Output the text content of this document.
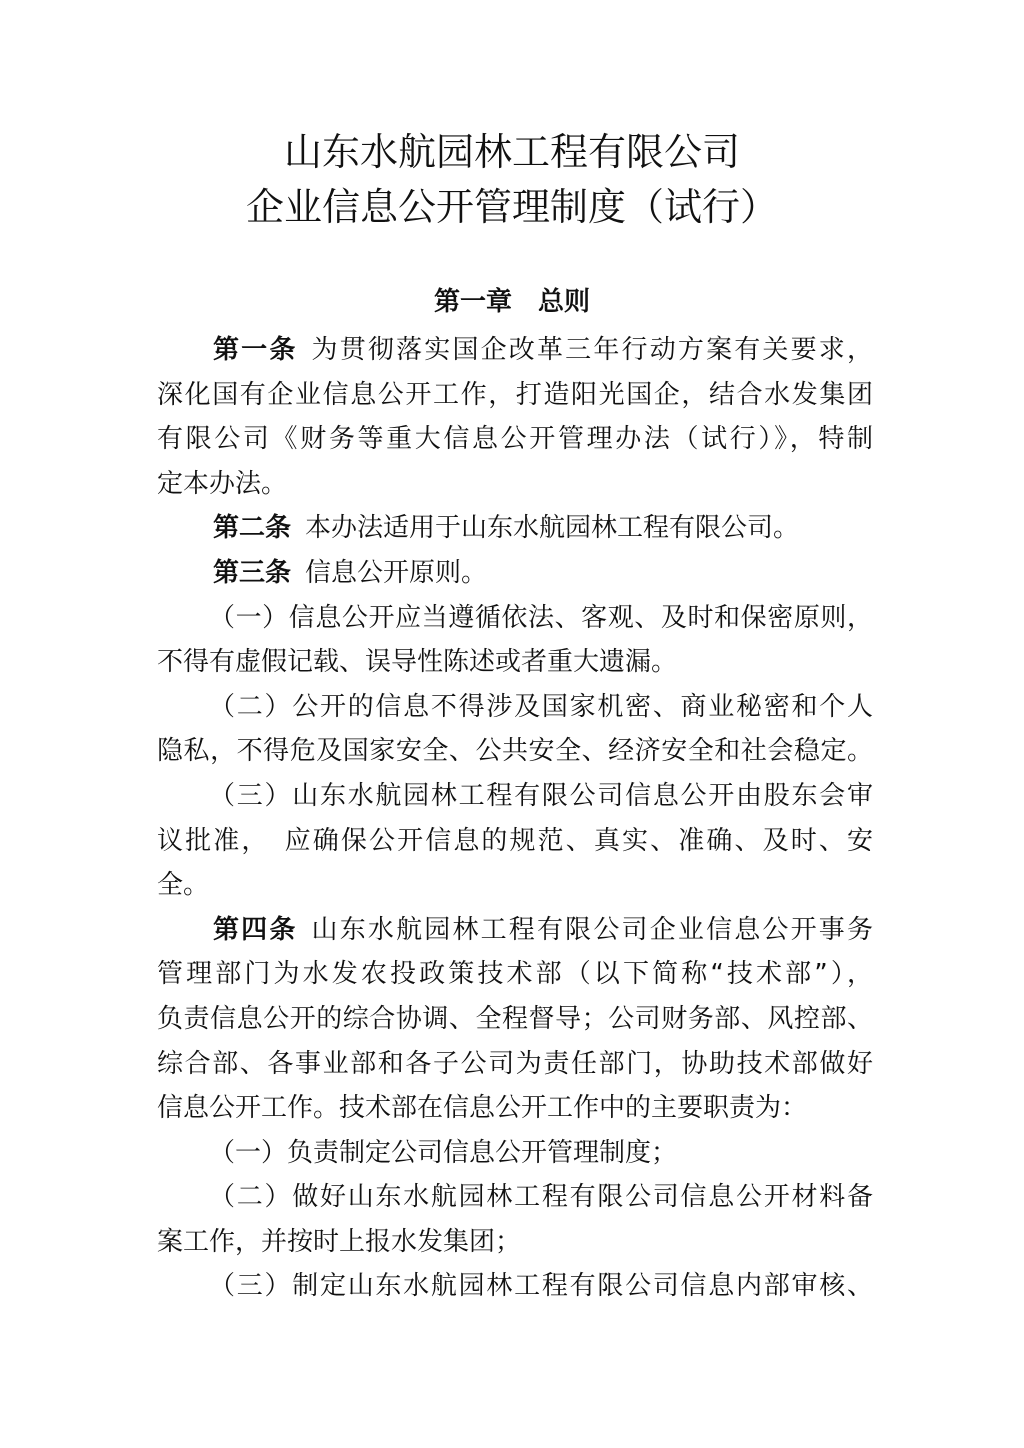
山东水航园林工程有限公司
企业信息公开管理制度（试行）
第一章　总则
第一条 为贯彻落实国企改革三年行动方案有关要求，
深化国有企业信息公开工作，打造阳光国企，结合水发集团
有限公司《财务等重大信息公开管理办法（试行）》，特制
定本办法。
第二条 本办法适用于山东水航园林工程有限公司。
第三条 信息公开原则。
（一）信息公开应当遵循依法、客观、及时和保密原则，
不得有虚假记载、误导性陈述或者重大遗漏。
（二）公开的信息不得涉及国家机密、商业秘密和个人
隐私，不得危及国家安全、公共安全、经济安全和社会稳定。
（三）山东水航园林工程有限公司信息公开由股东会审
议批准，　应确保公开信息的规范、真实、准确、及时、安
全。
第四条 山东水航园林工程有限公司企业信息公开事务
管理部门为水发农投政策技术部（以下简称“技术部”），
负责信息公开的综合协调、全程督导；公司财务部、风控部、
综合部、各事业部和各子公司为责任部门，协助技术部做好
信息公开工作。技术部在信息公开工作中的主要职责为：
（一）负责制定公司信息公开管理制度；
（二）做好山东水航园林工程有限公司信息公开材料备
案工作，并按时上报水发集团；
（三）制定山东水航园林工程有限公司信息内部审核、
